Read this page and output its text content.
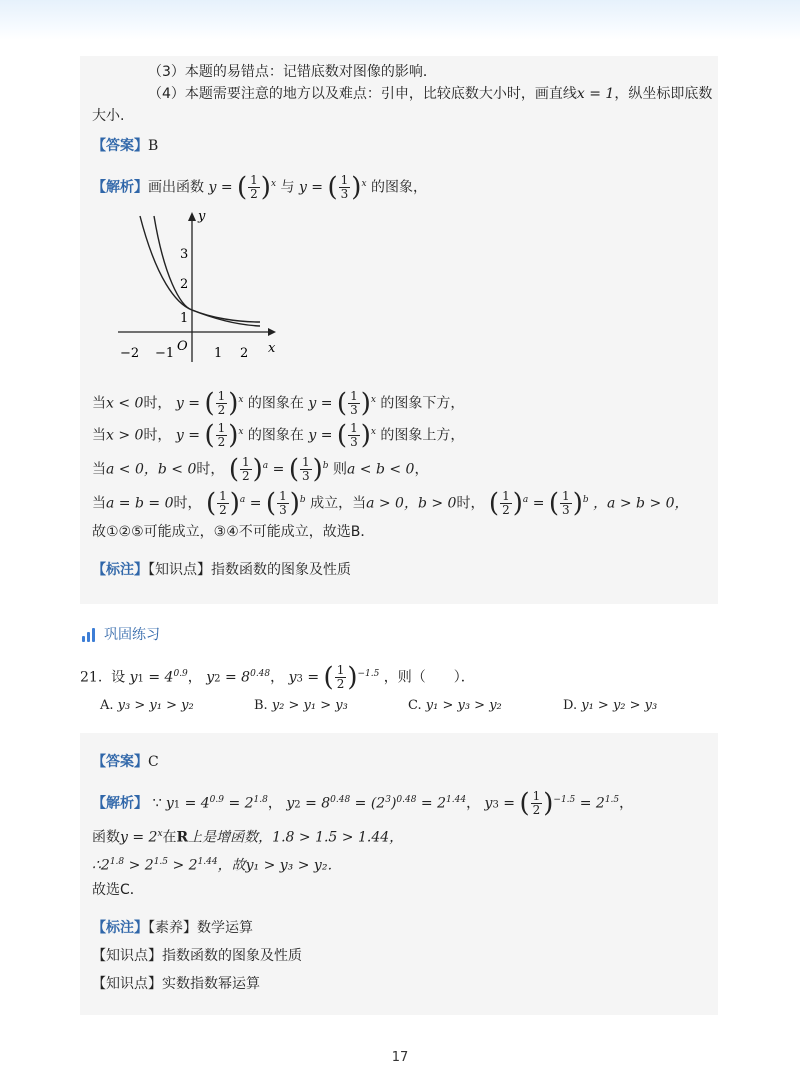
（3）本题的易错点：记错底数对图像的影响．
（4）本题需要注意的地方以及难点：引申，比较底数大小时，画直线x = 1，纵坐标即底数
大小.
【答案】B
【解析】画出函数 y = ( $\frac{1}{2} )^x$ 与 y = ( $\frac{1}{3} )^x$ 的图象，
y
x
O
−2 −1	1 2
1
2
3
当x < 0时， y = ( $\frac{1}{2} )^x$ 的图象在 y = ( $\frac{1}{3} )^x$ 的图象下方，
当x > 0时， y = ( $\frac{1}{2} )^x$ 的图象在 y = ( $\frac{1}{3} )^x$ 的图象上方，
当a < 0，b < 0时， ( $\frac{1}{2} )^a$ = ( $\frac{1}{3} )^b$ 则a < b < 0，
当a = b = 0时， ( $\frac{1}{2} )^a$ = ( $\frac{1}{3} )^b$ 成立，当a > 0，b > 0时， ( $\frac{1}{2} )^a$ = ( $\frac{1}{3} )^b$ ，a > b > 0，
故①②⑤可能成立，③④不可能成立，故选B．
【标注】【知识点】指数函数的图象及性质
巩固练习
21. 设 $y1 = 4^{0.9}$， $y2 = 8^{0.48}$， y3 = ( $\frac{1}{2} )^{-1.5}$ ，则（　　）．
A. y₃ > y₁ > y₂	B. y₂ > y₁ > y₃	C. y₁ > y₃ > y₂	D. y₁ > y₂ > y₃
【答案】C
【解析】 ∵ $y1 = 4^{0.9} = 2^{1.8}$， $y2 = 8^{0.48} = (2^3)^{0.48} = 2^{1.44}$， y3 = ( $\frac{1}{2} )^{-1.5} = 2^{1.5}$，
函数$y = 2^x$在R上是增函数，1.8 > 1.5 > 1.44，
$\therefore 2^{1.8} > 2^{1.5} > 2^{1.44}$，故y₁ > y₃ > y₂．
故选C．
【标注】【素养】数学运算
【知识点】指数函数的图象及性质
【知识点】实数指数幂运算
17
